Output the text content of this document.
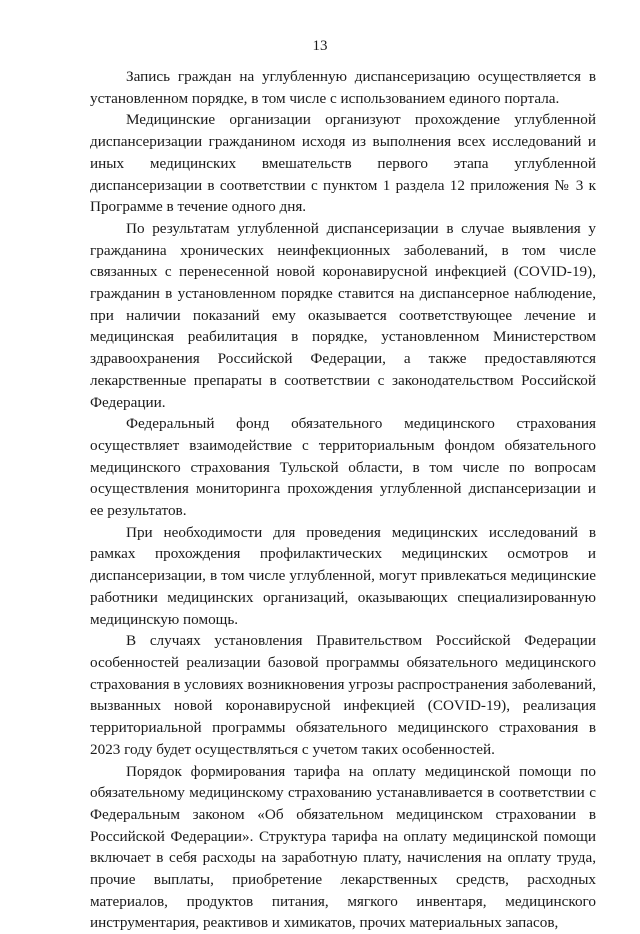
13

Запись граждан на углубленную диспансеризацию осуществляется в установленном порядке, в том числе с использованием единого портала.

Медицинские организации организуют прохождение углубленной диспансеризации гражданином исходя из выполнения всех исследований и иных медицинских вмешательств первого этапа углубленной диспансеризации в соответствии с пунктом 1 раздела 12 приложения № 3 к Программе в течение одного дня.

По результатам углубленной диспансеризации в случае выявления у гражданина хронических неинфекционных заболеваний, в том числе связанных с перенесенной новой коронавирусной инфекцией (COVID-19), гражданин в установленном порядке ставится на диспансерное наблюдение, при наличии показаний ему оказывается соответствующее лечение и медицинская реабилитация в порядке, установленном Министерством здравоохранения Российской Федерации, а также предоставляются лекарственные препараты в соответствии с законодательством Российской Федерации.

Федеральный фонд обязательного медицинского страхования осуществляет взаимодействие с территориальным фондом обязательного медицинского страхования Тульской области, в том числе по вопросам осуществления мониторинга прохождения углубленной диспансеризации и ее результатов.

При необходимости для проведения медицинских исследований в рамках прохождения профилактических медицинских осмотров и диспансеризации, в том числе углубленной, могут привлекаться медицинские работники медицинских организаций, оказывающих специализированную медицинскую помощь.

В случаях установления Правительством Российской Федерации особенностей реализации базовой программы обязательного медицинского страхования в условиях возникновения угрозы распространения заболеваний, вызванных новой коронавирусной инфекцией (COVID-19), реализация территориальной программы обязательного медицинского страхования в 2023 году будет осуществляться с учетом таких особенностей.

Порядок формирования тарифа на оплату медицинской помощи по обязательному медицинскому страхованию устанавливается в соответствии с Федеральным законом «Об обязательном медицинском страховании в Российской Федерации». Структура тарифа на оплату медицинской помощи включает в себя расходы на заработную плату, начисления на оплату труда, прочие выплаты, приобретение лекарственных средств, расходных материалов, продуктов питания, мягкого инвентаря, медицинского инструментария, реактивов и химикатов, прочих материальных запасов,
